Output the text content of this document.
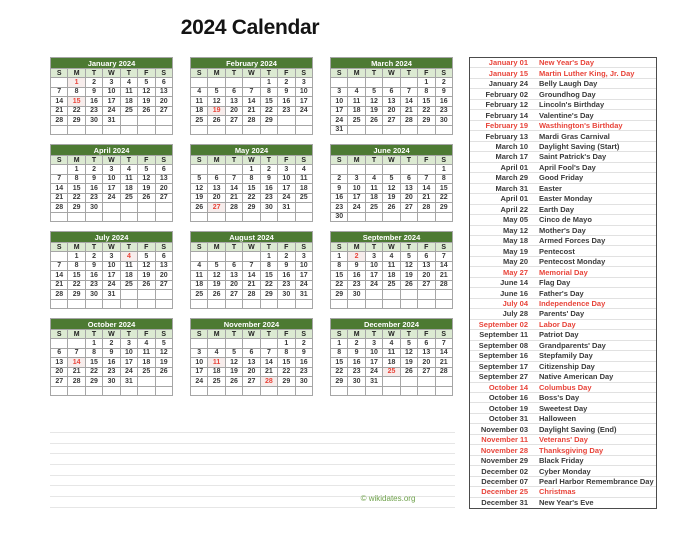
2024 Calendar
January 2024						
S	M	T	W	T	F	S
	1	2	3	4	5	6
7	8	9	10	11	12	13
14	15	16	17	18	19	20
21	22	23	24	25	26	27
28	29	30	31			

February 2024						
S	M	T	W	T	F	S
				1	2	3
4	5	6	7	8	9	10
11	12	13	14	15	16	17
18	19	20	21	22	23	24
25	26	27	28	29		

March 2024						
S	M	T	W	T	F	S
					1	2
3	4	5	6	7	8	9
10	11	12	13	14	15	16
17	18	19	20	21	22	23
24	25	26	27	28	29	30
31						
April 2024						
S	M	T	W	T	F	S
	1	2	3	4	5	6
7	8	9	10	11	12	13
14	15	16	17	18	19	20
21	22	23	24	25	26	27
28	29	30				

May 2024						
S	M	T	W	T	F	S
			1	2	3	4
5	6	7	8	9	10	11
12	13	14	15	16	17	18
19	20	21	22	23	24	25
26	27	28	29	30	31	

June 2024						
S	M	T	W	T	F	S
						1
2	3	4	5	6	7	8
9	10	11	12	13	14	15
16	17	18	19	20	21	22
23	24	25	26	27	28	29
30						
July 2024						
S	M	T	W	T	F	S
	1	2	3	4	5	6
7	8	9	10	11	12	13
14	15	16	17	18	19	20
21	22	23	24	25	26	27
28	29	30	31			

August 2024						
S	M	T	W	T	F	S
				1	2	3
4	5	6	7	8	9	10
11	12	13	14	15	16	17
18	19	20	21	22	23	24
25	26	27	28	29	30	31

September 2024						
S	M	T	W	T	F	S
1	2	3	4	5	6	7
8	9	10	11	12	13	14
15	16	17	18	19	20	21
22	23	24	25	26	27	28
29	30					

October 2024						
S	M	T	W	T	F	S
		1	2	3	4	5
6	7	8	9	10	11	12
13	14	15	16	17	18	19
20	21	22	23	24	25	26
27	28	29	30	31		

November 2024						
S	M	T	W	T	F	S
					1	2
3	4	5	6	7	8	9
10	11	12	13	14	15	16
17	18	19	20	21	22	23
24	25	26	27	28	29	30

December 2024						
S	M	T	W	T	F	S
1	2	3	4	5	6	7
8	9	10	11	12	13	14
15	16	17	18	19	20	21
22	23	24	25	26	27	28
29	30	31				

January 01 New Year's Day
January 15 Martin Luther King, Jr. Day
January 24 Belly Laugh Day
February 02 Groundhog Day
February 12 Lincoln's Birthday
February 14 Valentine's Day
February 19 Wasthington's Birthday
February 13 Mardi Gras Carnival
March 10 Daylight Saving (Start)
March 17 Saint Patrick's Day
April 01 April Fool's Day
March 29 Good Friday
March 31 Easter
April 01 Easter Monday
April 22 Earth Day
May 05 Cinco de Mayo
May 12 Mother's Day
May 18 Armed Forces Day
May 19 Pentecost
May 20 Pentecost Monday
May 27 Memorial Day
June 14 Flag Day
June 16 Father's Day
July 04 Independence Day
July 28 Parents' Day
September 02 Labor Day
September 11 Patriot Day
September 08 Grandparents' Day
September 16 Stepfamily Day
September 17 Citizenship Day
September 27 Native American Day
October 14 Columbus Day
October 16 Boss's Day
October 19 Sweetest Day
October 31 Halloween
November 03 Daylight Saving (End)
November 11 Veterans' Day
November 28 Thanksgiving Day
November 29 Black Friday
December 02 Cyber Monday
December 07 Pearl Harbor Remembrance Day
December 25 Christmas
December 31 New Year's Eve
© wikidates.org
